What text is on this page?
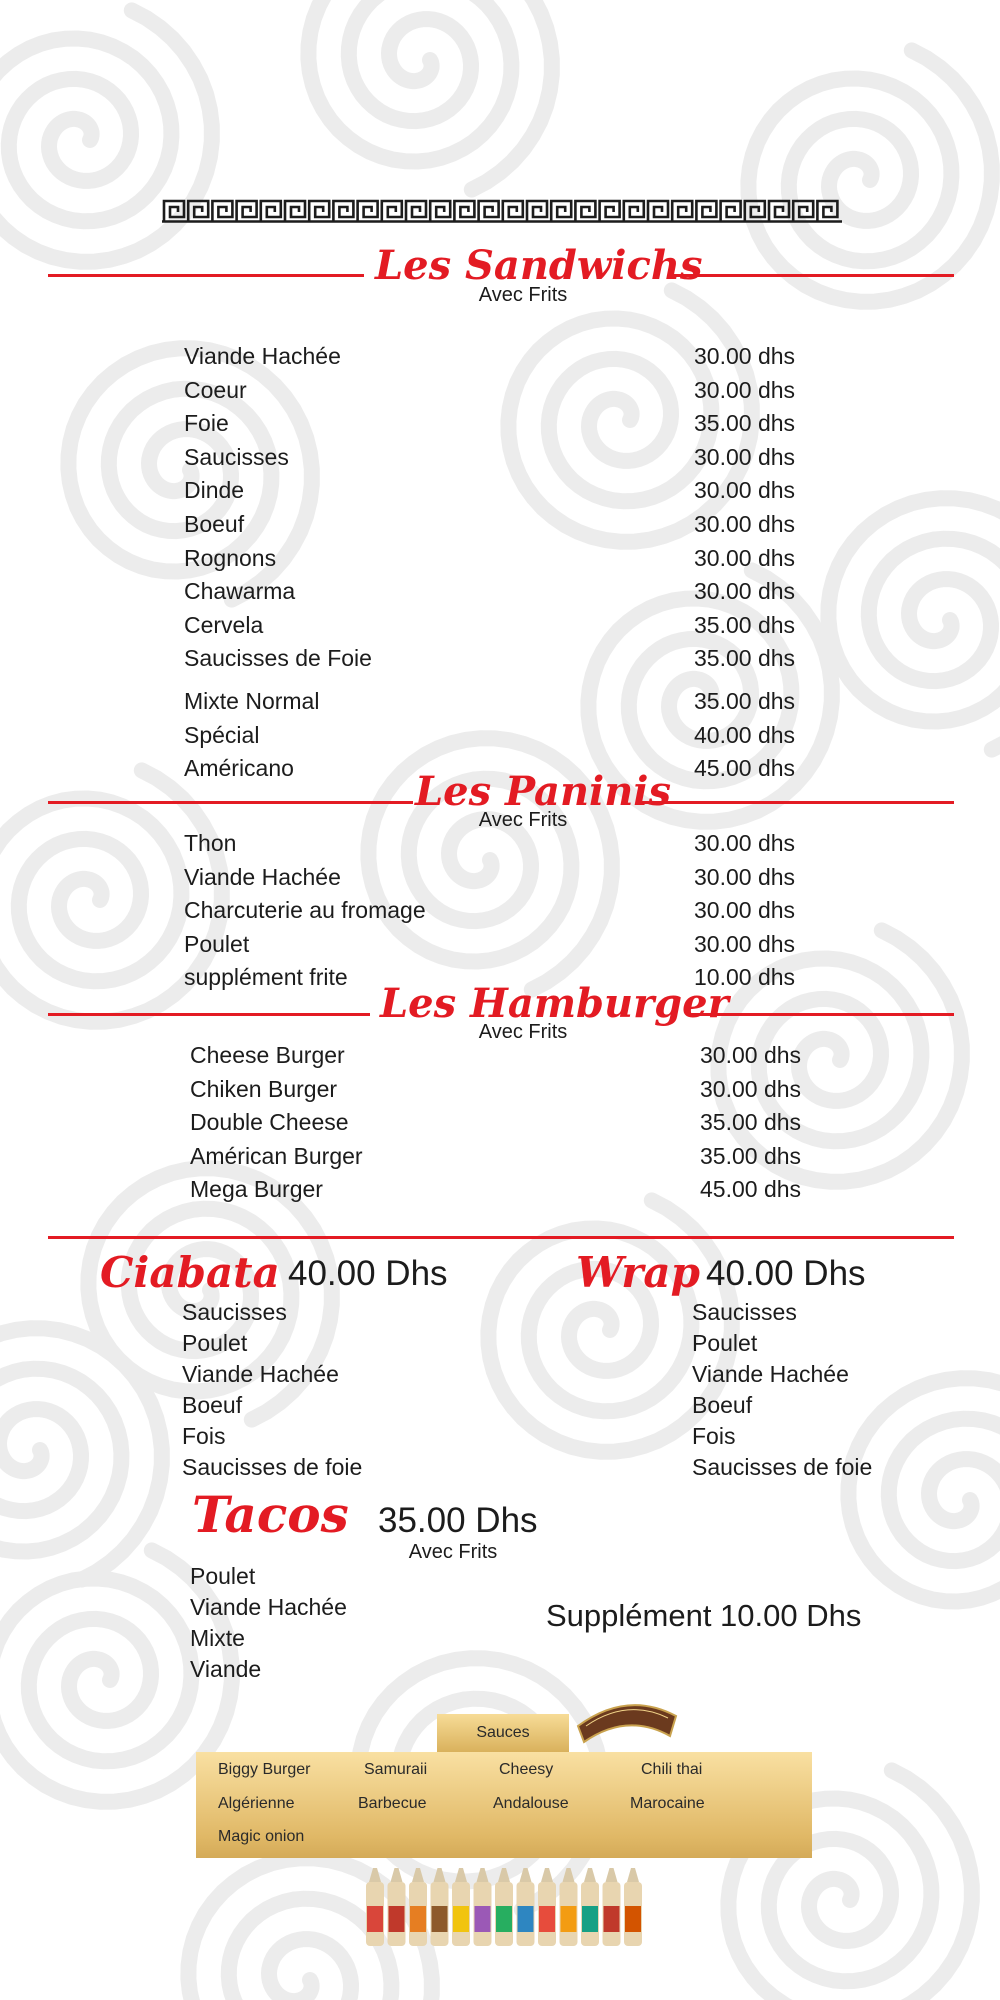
Les Sandwichs
Avec Frits
Viande Hachée	30.00 dhs
Coeur	30.00 dhs
Foie	35.00 dhs
Saucisses	30.00 dhs
Dinde	30.00 dhs
Boeuf	30.00 dhs
Rognons	30.00 dhs
Chawarma	30.00 dhs
Cervela	35.00 dhs
Saucisses de Foie	35.00 dhs
Mixte Normal	35.00 dhs
Spécial	40.00 dhs
Américano	45.00 dhs
Les Paninis
Avec Frits
Thon	30.00 dhs
Viande Hachée	30.00 dhs
Charcuterie au fromage	30.00 dhs
Poulet	30.00 dhs
supplément frite	10.00 dhs
Les Hamburger
Avec Frits
Cheese Burger	30.00 dhs
Chiken Burger	30.00 dhs
Double Cheese	35.00 dhs
Américan Burger	35.00 dhs
Mega Burger	45.00 dhs
Ciabata 40.00 Dhs
Saucisses
Poulet
Viande Hachée
Boeuf
Fois
Saucisses de foie
Wrap 40.00 Dhs
Saucisses
Poulet
Viande Hachée
Boeuf
Fois
Saucisses de foie
Tacos 35.00 Dhs
Avec Frits
Poulet
Viande Hachée
Mixte
Viande
Supplément 10.00 Dhs
Sauces
Biggy Burger	Samuraii	Cheesy	Chili thai
Algérienne	Barbecue	Andalouse	Marocaine
Magic onion
